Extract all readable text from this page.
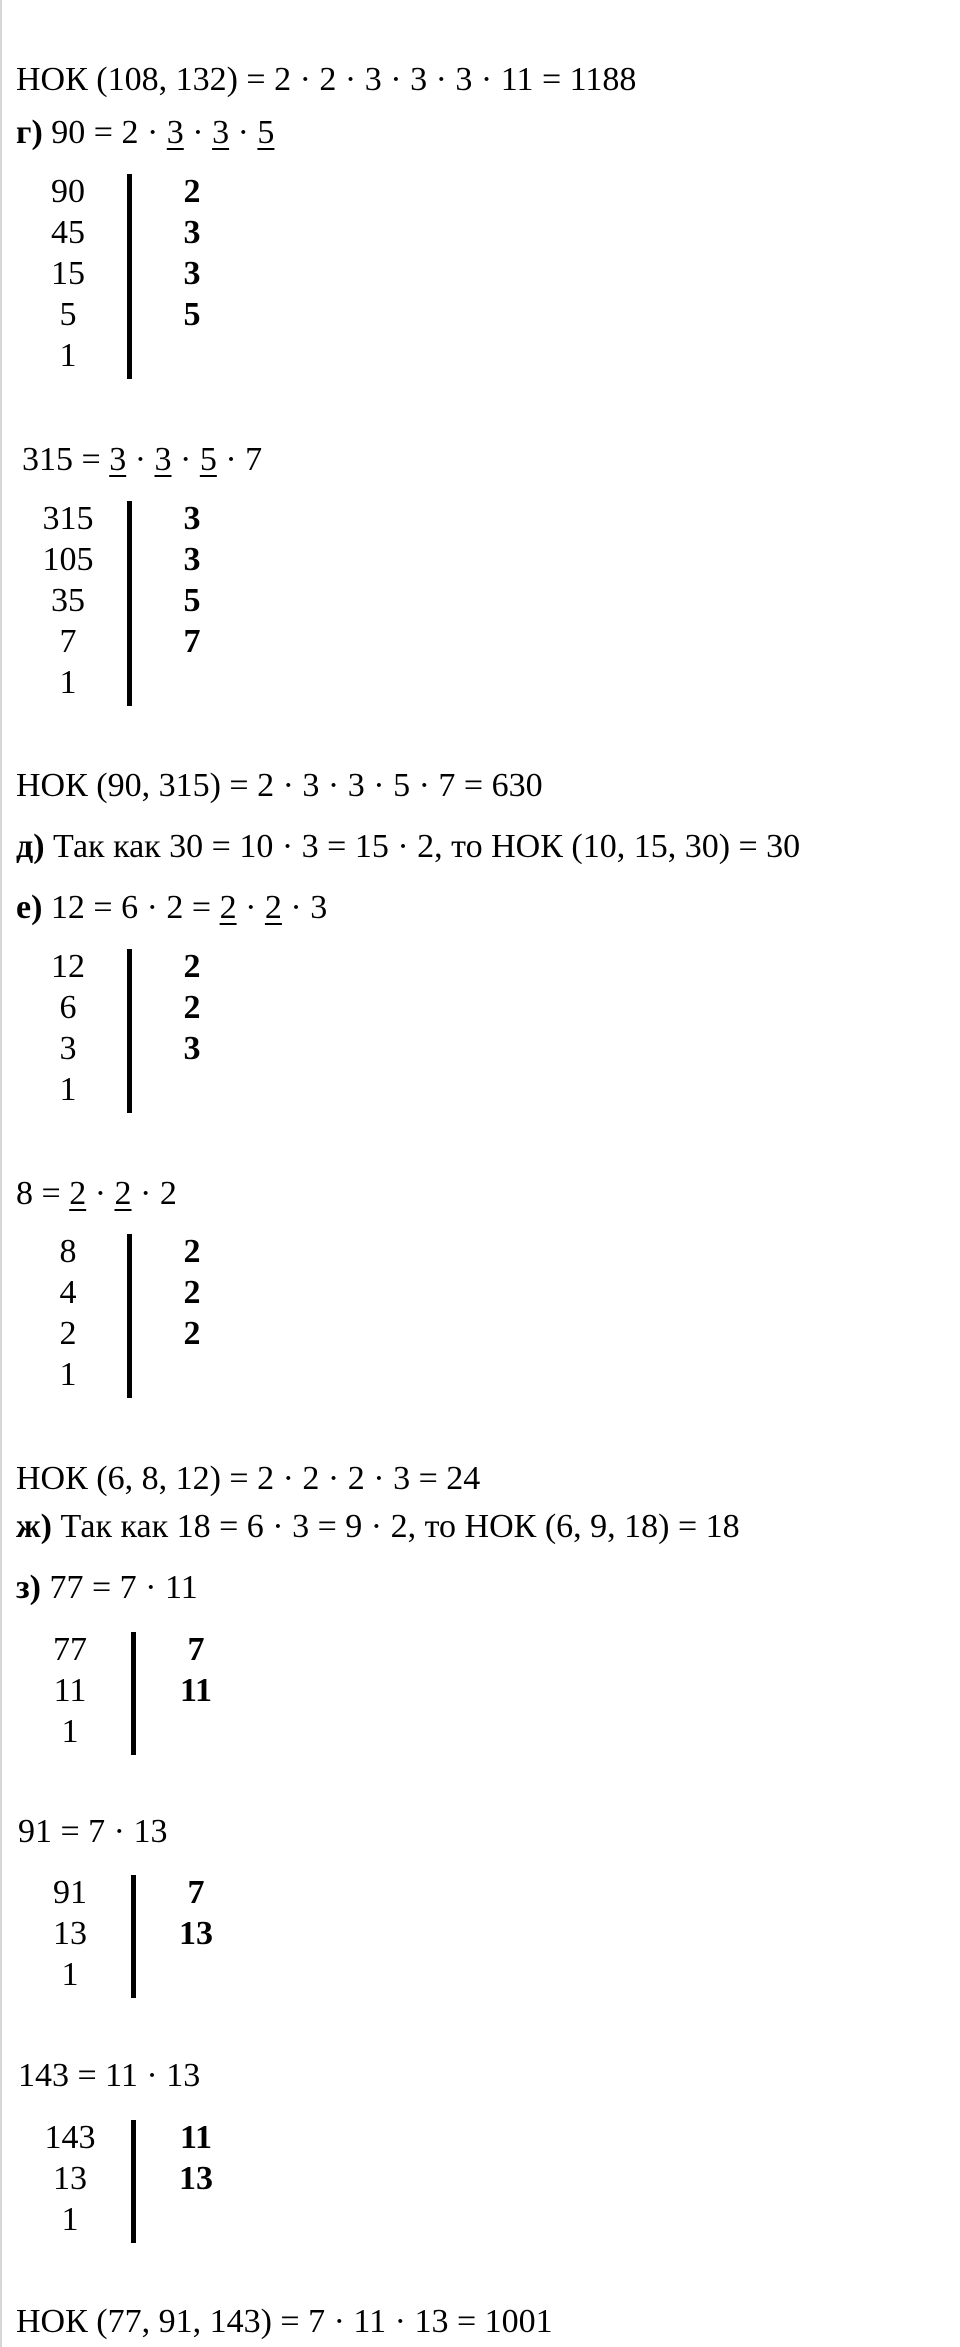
НОК (108, 132) = 2 · 2 · 3 · 3 · 3 · 11 = 1188
г) 90 = 2 · 3 · 3 · 5
315 = 3 · 3 · 5 · 7
НОК (90, 315) = 2 · 3 · 3 · 5 · 7 = 630
д) Так как 30 = 10 · 3 = 15 · 2, то НОК (10, 15, 30) = 30
е) 12 = 6 · 2 = 2 · 2 · 3
8 = 2 · 2 · 2
НОК (6, 8, 12) = 2 · 2 · 2 · 3 = 24
ж) Так как 18 = 6 · 3 = 9 · 2, то НОК (6, 9, 18) = 18
з) 77 = 7 · 11
91 = 7 · 13
143 = 11 · 13
НОК (77, 91, 143) = 7 · 11 · 13 = 1001
90
45
15
5
1
2
3
3
5
315
105
35
7
1
3
3
5
7
12
6
3
1
2
2
3
8
4
2
1
2
2
2
77
11
1
7
11
91
13
1
7
13
143
13
1
11
13
